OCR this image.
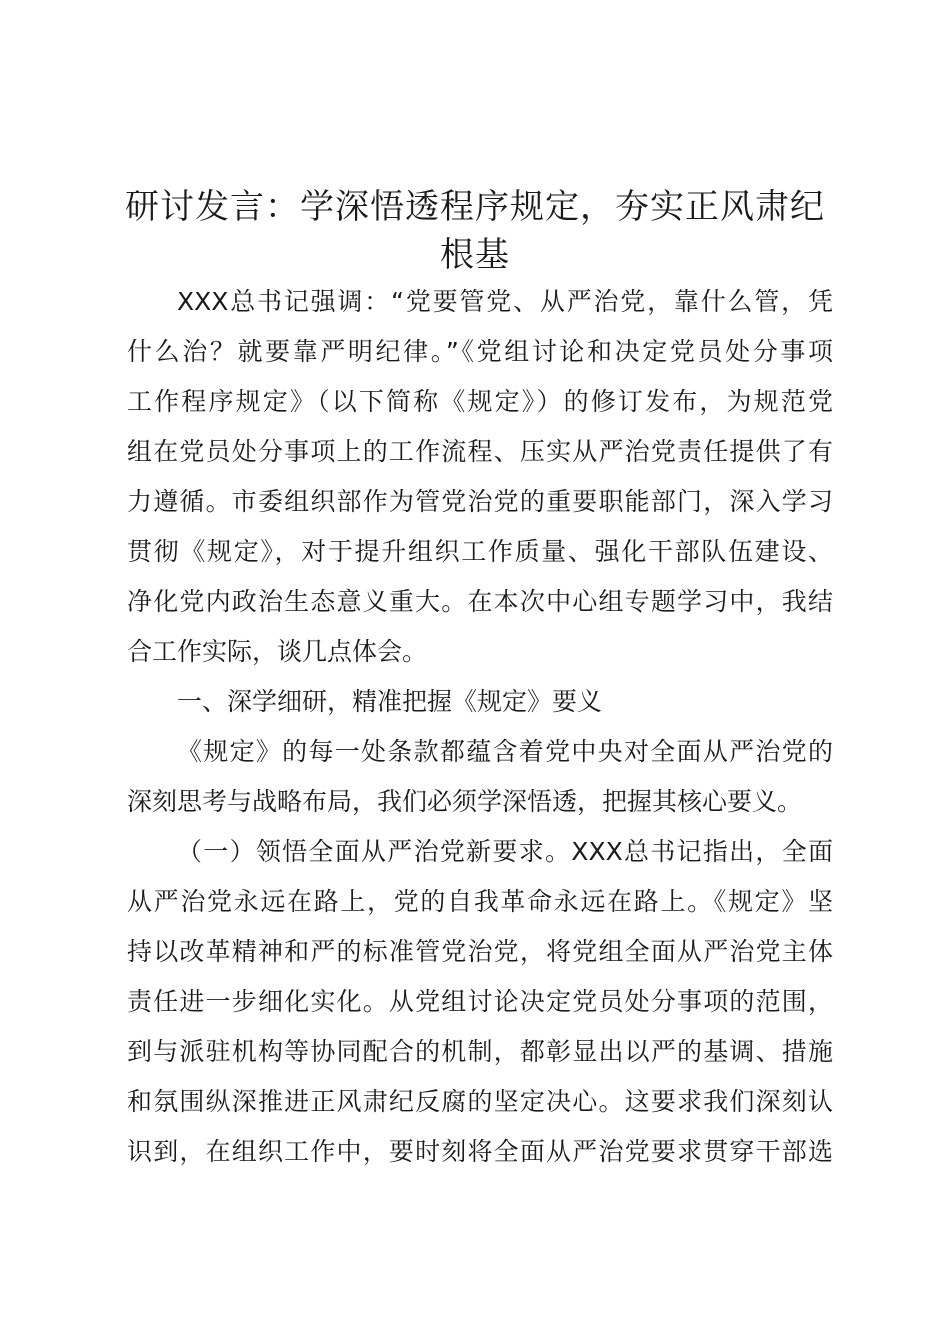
研讨发言：学深悟透程序规定，夯实正风肃纪
根基
XXX总书记强调：“党要管党、从严治党，靠什么管，凭
什么治？就要靠严明纪律。”《党组讨论和决定党员处分事项
工作程序规定》（以下简称《规定》）的修订发布，为规范党
组在党员处分事项上的工作流程、压实从严治党责任提供了有
力遵循。市委组织部作为管党治党的重要职能部门，深入学习
贯彻《规定》，对于提升组织工作质量、强化干部队伍建设、
净化党内政治生态意义重大。在本次中心组专题学习中，我结
合工作实际，谈几点体会。
一、深学细研，精准把握《规定》要义
《规定》的每一处条款都蕴含着党中央对全面从严治党的
深刻思考与战略布局，我们必须学深悟透，把握其核心要义。
（一）领悟全面从严治党新要求。XXX总书记指出，全面
从严治党永远在路上，党的自我革命永远在路上。《规定》坚
持以改革精神和严的标准管党治党，将党组全面从严治党主体
责任进一步细化实化。从党组讨论决定党员处分事项的范围，
到与派驻机构等协同配合的机制，都彰显出以严的基调、措施
和氛围纵深推进正风肃纪反腐的坚定决心。这要求我们深刻认
识到，在组织工作中，要时刻将全面从严治党要求贯穿干部选
